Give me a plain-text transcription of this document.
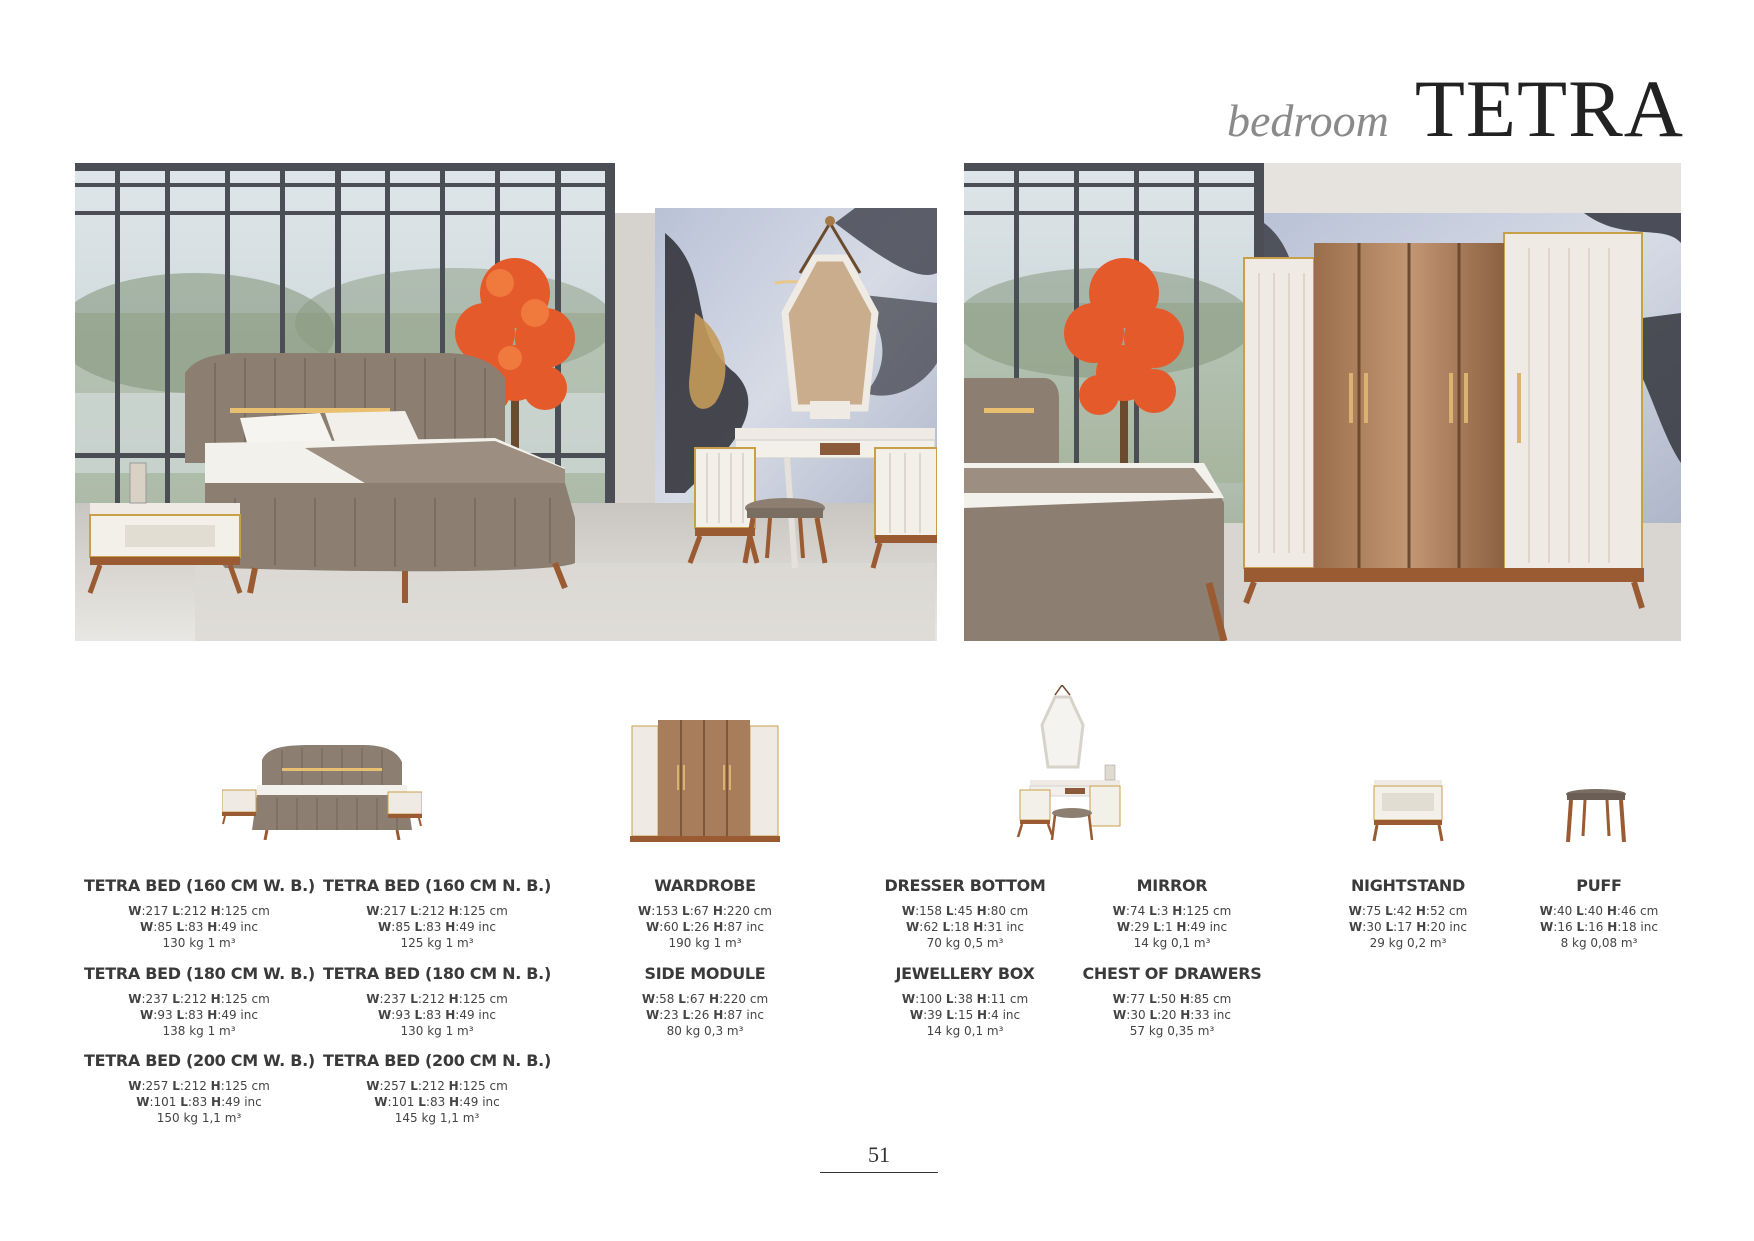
bedroom TETRA
TETRA BED (160 CM W. B.)
W:217 L:212 H:125 cm
W:85 L:83 H:49 inc
130 kg 1 m³
TETRA BED (160 CM N. B.)
W:217 L:212 H:125 cm
W:85 L:83 H:49 inc
125 kg 1 m³
TETRA BED (180 CM W. B.)
W:237 L:212 H:125 cm
W:93 L:83 H:49 inc
138 kg 1 m³
TETRA BED (180 CM N. B.)
W:237 L:212 H:125 cm
W:93 L:83 H:49 inc
130 kg 1 m³
TETRA BED (200 CM W. B.)
W:257 L:212 H:125 cm
W:101 L:83 H:49 inc
150 kg 1,1 m³
TETRA BED (200 CM N. B.)
W:257 L:212 H:125 cm
W:101 L:83 H:49 inc
145 kg 1,1 m³
WARDROBE
W:153 L:67 H:220 cm
W:60 L:26 H:87 inc
190 kg 1 m³
SIDE MODULE
W:58 L:67 H:220 cm
W:23 L:26 H:87 inc
80 kg 0,3 m³
DRESSER BOTTOM
W:158 L:45 H:80 cm
W:62 L:18 H:31 inc
70 kg 0,5 m³
MIRROR
W:74 L:3 H:125 cm
W:29 L:1 H:49 inc
14 kg 0,1 m³
JEWELLERY BOX
W:100 L:38 H:11 cm
W:39 L:15 H:4 inc
14 kg 0,1 m³
CHEST OF DRAWERS
W:77 L:50 H:85 cm
W:30 L:20 H:33 inc
57 kg 0,35 m³
NIGHTSTAND
W:75 L:42 H:52 cm
W:30 L:17 H:20 inc
29 kg 0,2 m³
PUFF
W:40 L:40 H:46 cm
W:16 L:16 H:18 inc
8 kg 0,08 m³
51
